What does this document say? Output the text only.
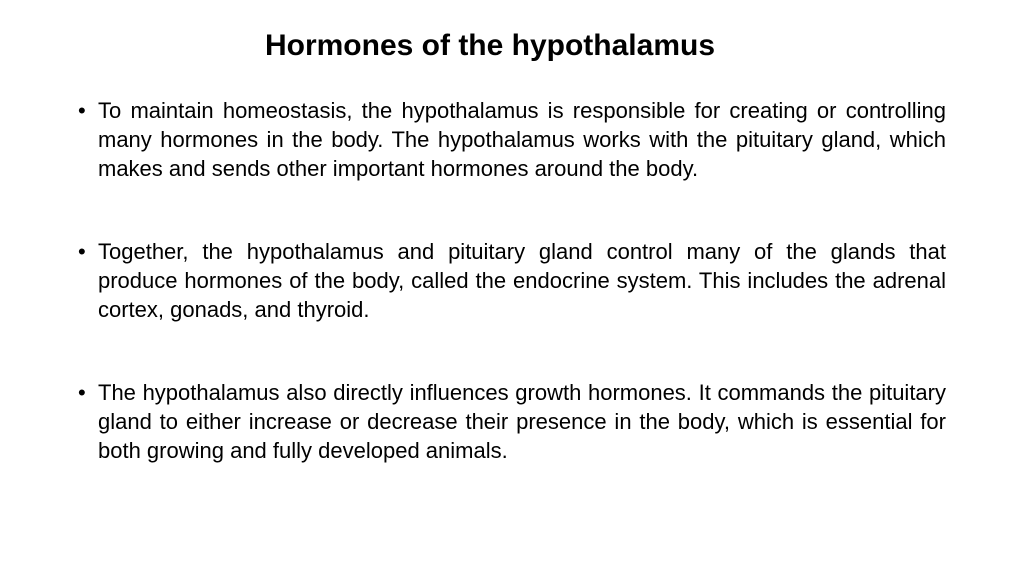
Hormones of the hypothalamus
• To maintain homeostasis, the hypothalamus is responsible for creating or controlling many hormones in the body. The hypothalamus works with the pituitary gland, which makes and sends other important hormones around the body.
• Together, the hypothalamus and pituitary gland control many of the glands that produce hormones of the body, called the endocrine system. This includes the adrenal cortex, gonads, and thyroid.
• The hypothalamus also directly influences growth hormones. It commands the pituitary gland to either increase or decrease their presence in the body, which is essential for both growing and fully developed animals.
